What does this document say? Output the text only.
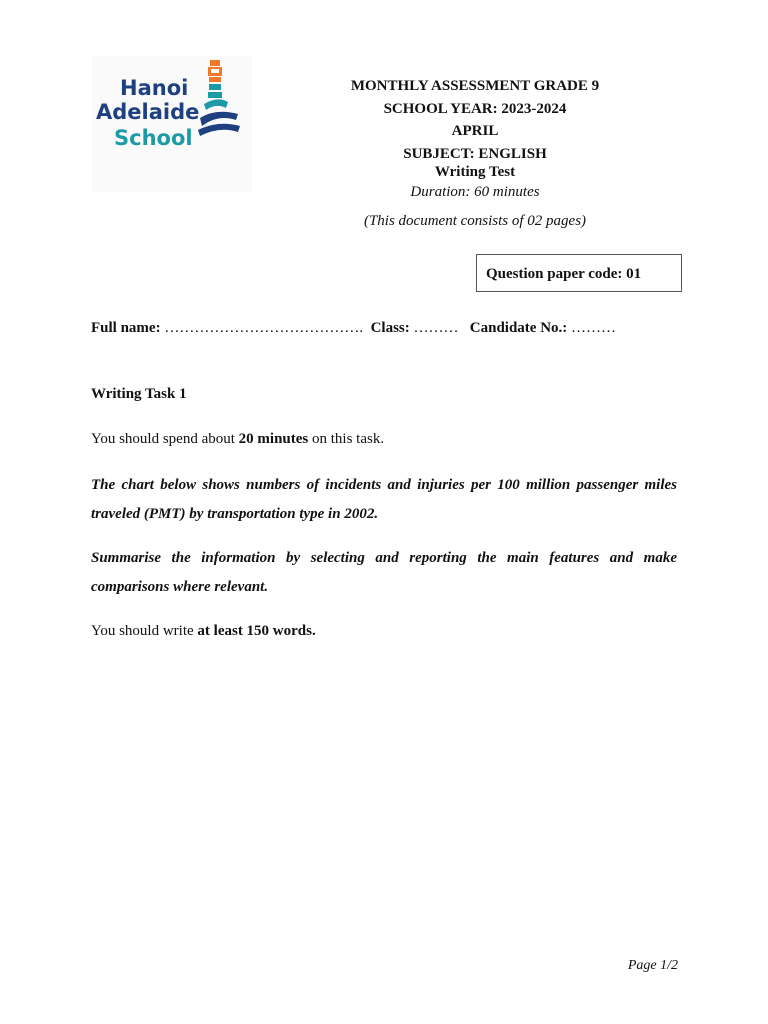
Hanoi
Adelaide
School
MONTHLY ASSESSMENT GRADE 9
SCHOOL YEAR: 2023-2024
APRIL
SUBJECT: ENGLISH
Writing Test
Duration: 60 minutes
(This document consists of 02 pages)
Question paper code: 01
Full name: …………………………………. Class: ……… Candidate No.: ………
Writing Task 1
You should spend about 20 minutes on this task.
The chart below shows numbers of incidents and injuries per 100 million passenger miles traveled (PMT) by transportation type in 2002.
Summarise the information by selecting and reporting the main features and make comparisons where relevant.
You should write at least 150 words.
Page 1/2
